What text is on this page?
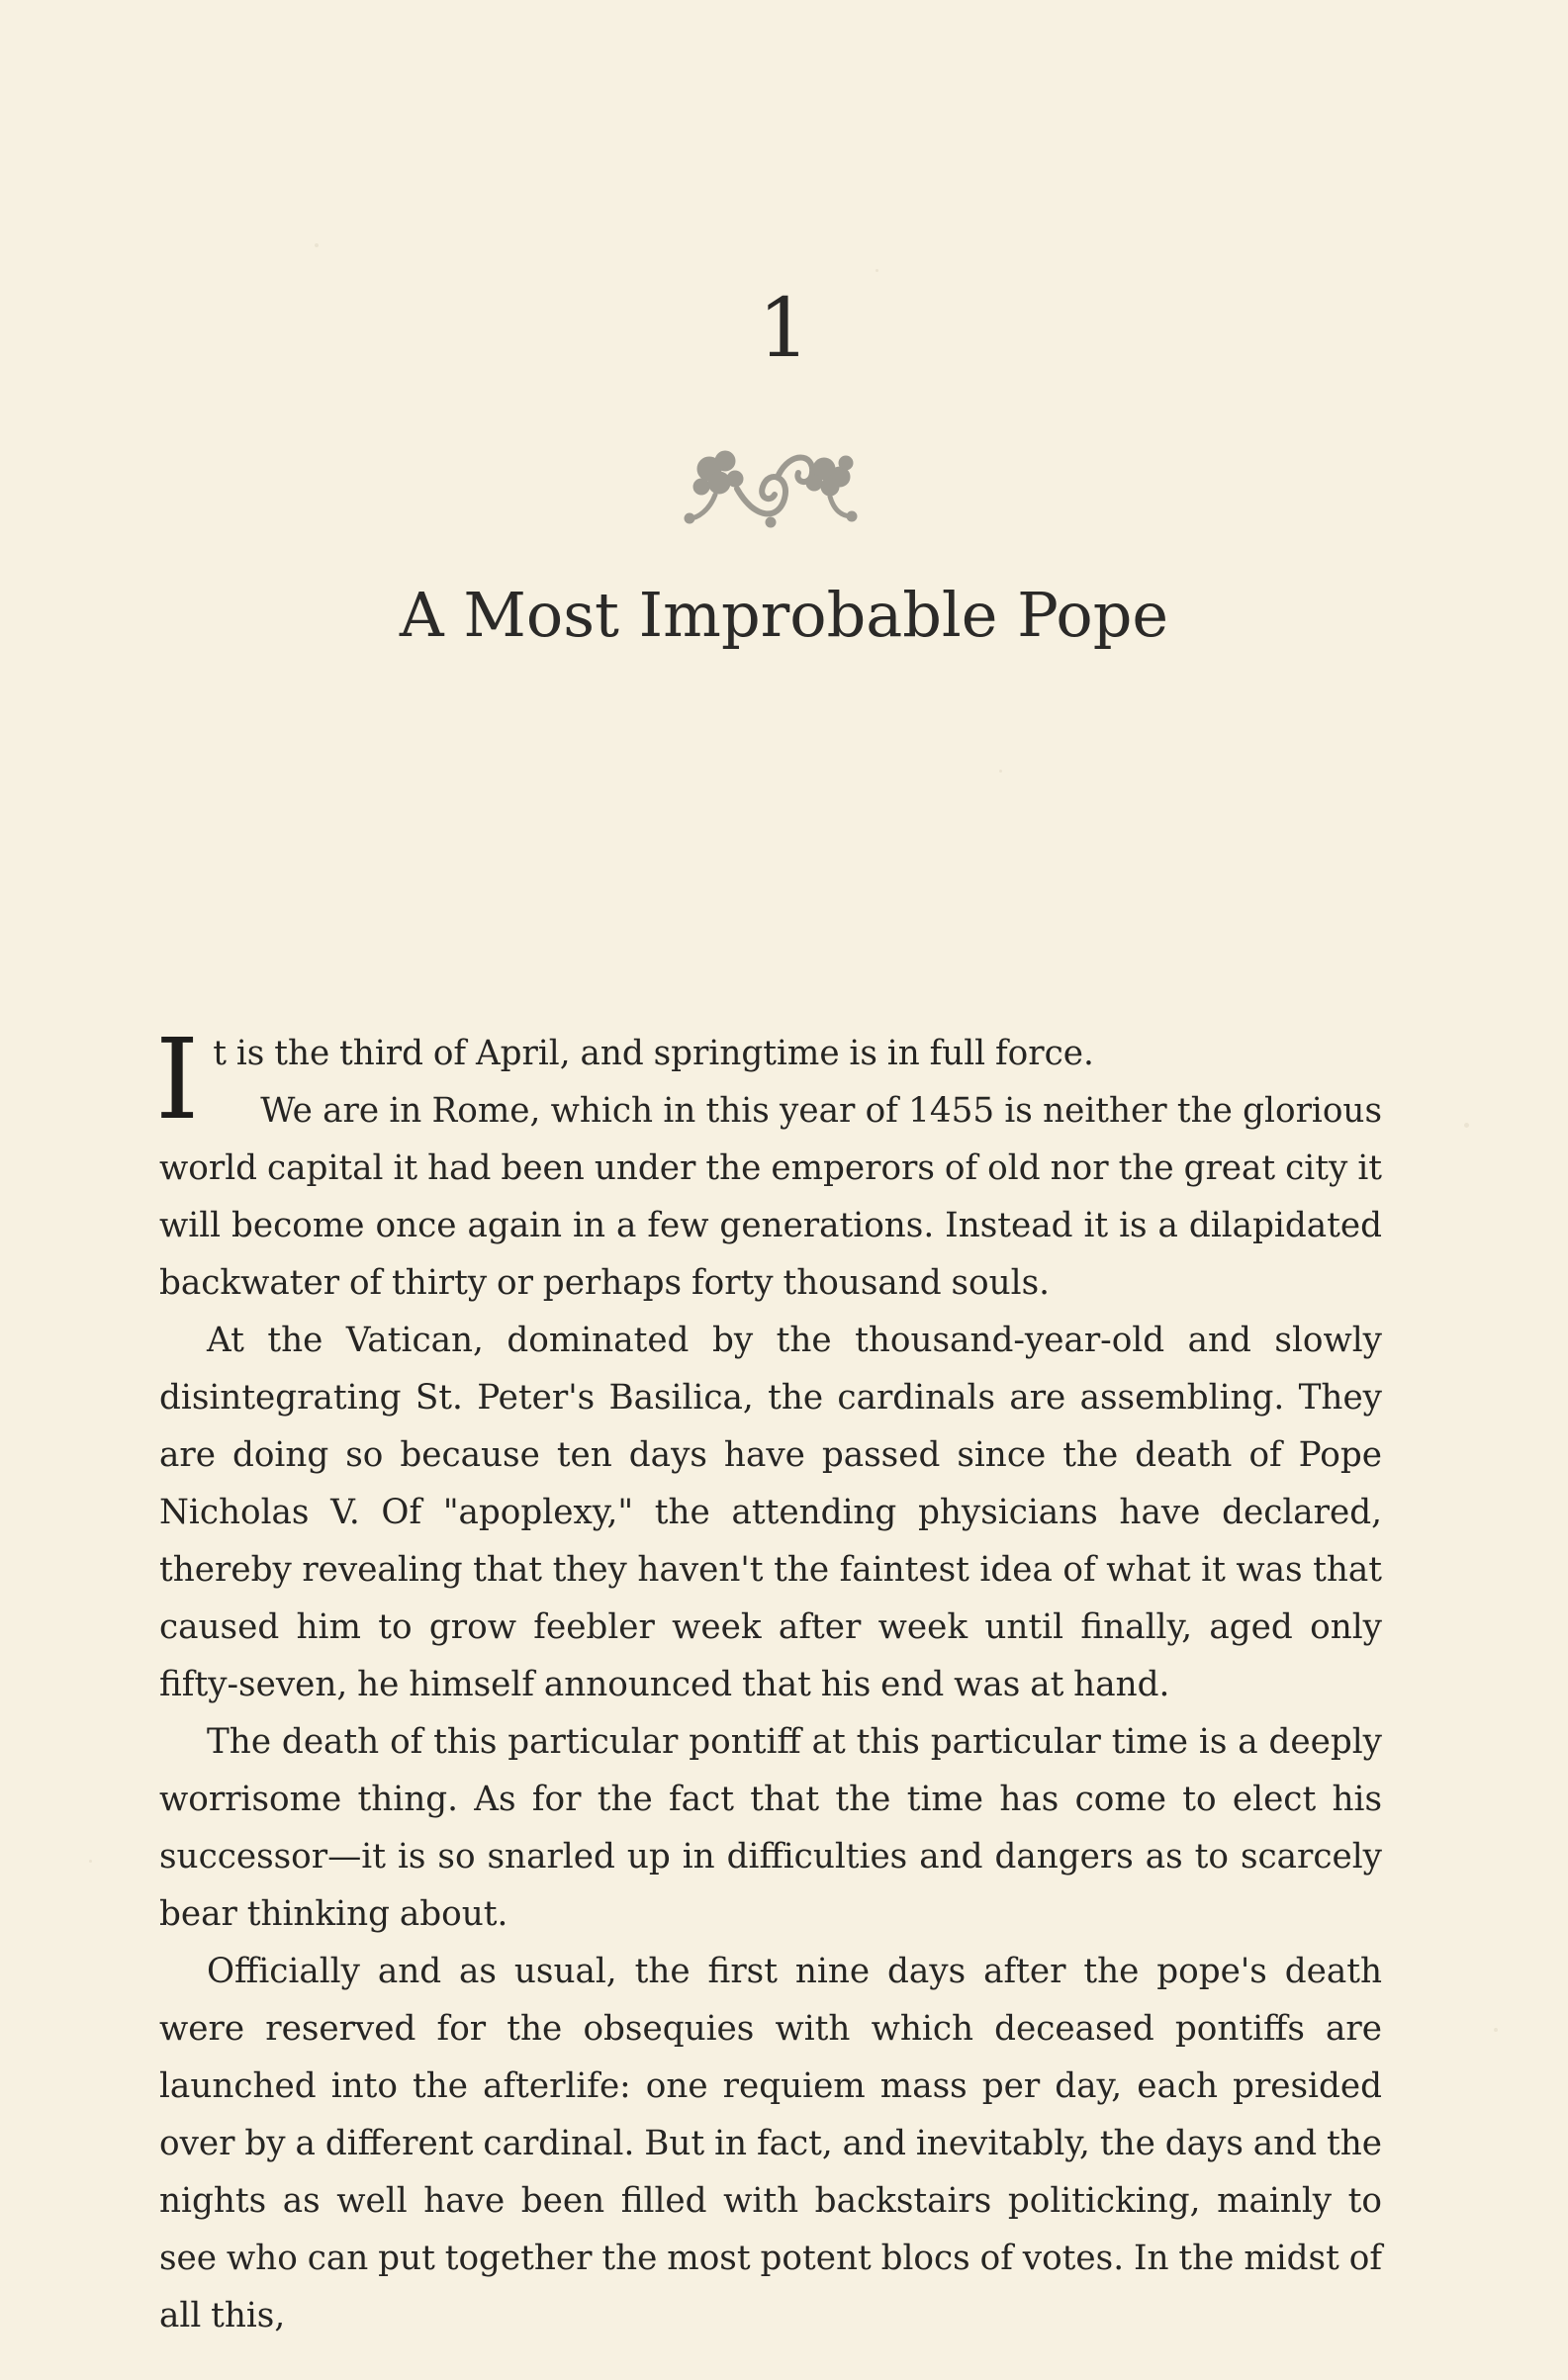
1
A Most Improbable Pope

It is the third of April, and springtime is in full force.

We are in Rome, which in this year of 1455 is neither the glorious world capital it had been under the emperors of old nor the great city it will become once again in a few generations. Instead it is a dilapidated backwater of thirty or perhaps forty thousand souls.

At the Vatican, dominated by the thousand-year-old and slowly disintegrating St. Peter's Basilica, the cardinals are assembling. They are doing so because ten days have passed since the death of Pope Nicholas V. Of "apoplexy," the attending physicians have declared, thereby revealing that they haven't the faintest idea of what it was that caused him to grow feebler week after week until finally, aged only fifty-seven, he himself announced that his end was at hand.

The death of this particular pontiff at this particular time is a deeply worrisome thing. As for the fact that the time has come to elect his successor—it is so snarled up in difficulties and dangers as to scarcely bear thinking about.

Officially and as usual, the first nine days after the pope's death were reserved for the obsequies with which deceased pontiffs are launched into the afterlife: one requiem mass per day, each presided over by a different cardinal. But in fact, and inevitably, the days and the nights as well have been filled with backstairs politicking, mainly to see who can put together the most potent blocs of votes. In the midst of all this,
